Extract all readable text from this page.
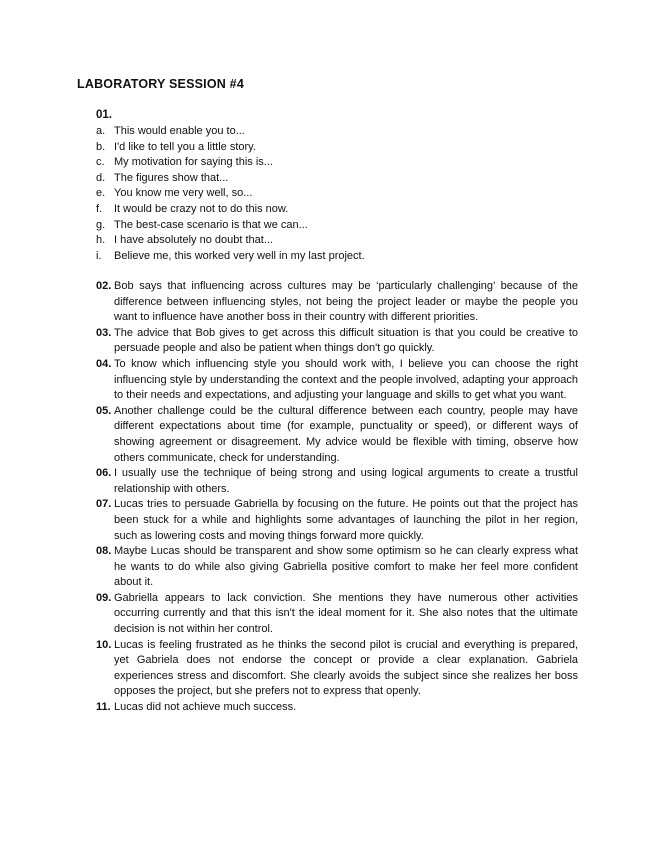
LABORATORY SESSION #4
01.
a. This would enable you to...
b. I'd like to tell you a little story.
c. My motivation for saying this is...
d. The figures show that...
e. You know me very well, so...
f.	It would be crazy not to do this now.
g. The best-case scenario is that we can...
h. I have absolutely no doubt that...
i.	Believe me, this worked very well in my last project.
02. Bob says that influencing across cultures may be ‘particularly challenging’ because of the difference between influencing styles, not being the project leader or maybe the people you want to influence have another boss in their country with different priorities.
03. The advice that Bob gives to get across this difficult situation is that you could be creative to persuade people and also be patient when things don't go quickly.
04. To know which influencing style you should work with, I believe you can choose the right influencing style by understanding the context and the people involved, adapting your approach to their needs and expectations, and adjusting your language and skills to get what you want.
05. Another challenge could be the cultural difference between each country, people may have different expectations about time (for example, punctuality or speed), or different ways of showing agreement or disagreement. My advice would be flexible with timing, observe how others communicate, check for understanding.
06. I usually use the technique of being strong and using logical arguments to create a trustful relationship with others.
07. Lucas tries to persuade Gabriella by focusing on the future. He points out that the project has been stuck for a while and highlights some advantages of launching the pilot in her region, such as lowering costs and moving things forward more quickly.
08. Maybe Lucas should be transparent and show some optimism so he can clearly express what he wants to do while also giving Gabriella positive comfort to make her feel more confident about it.
09. Gabriella appears to lack conviction. She mentions they have numerous other activities occurring currently and that this isn't the ideal moment for it. She also notes that the ultimate decision is not within her control.
10. Lucas is feeling frustrated as he thinks the second pilot is crucial and everything is prepared, yet Gabriela does not endorse the concept or provide a clear explanation. Gabriela experiences stress and discomfort. She clearly avoids the subject since she realizes her boss opposes the project, but she prefers not to express that openly.
11. Lucas did not achieve much success.
